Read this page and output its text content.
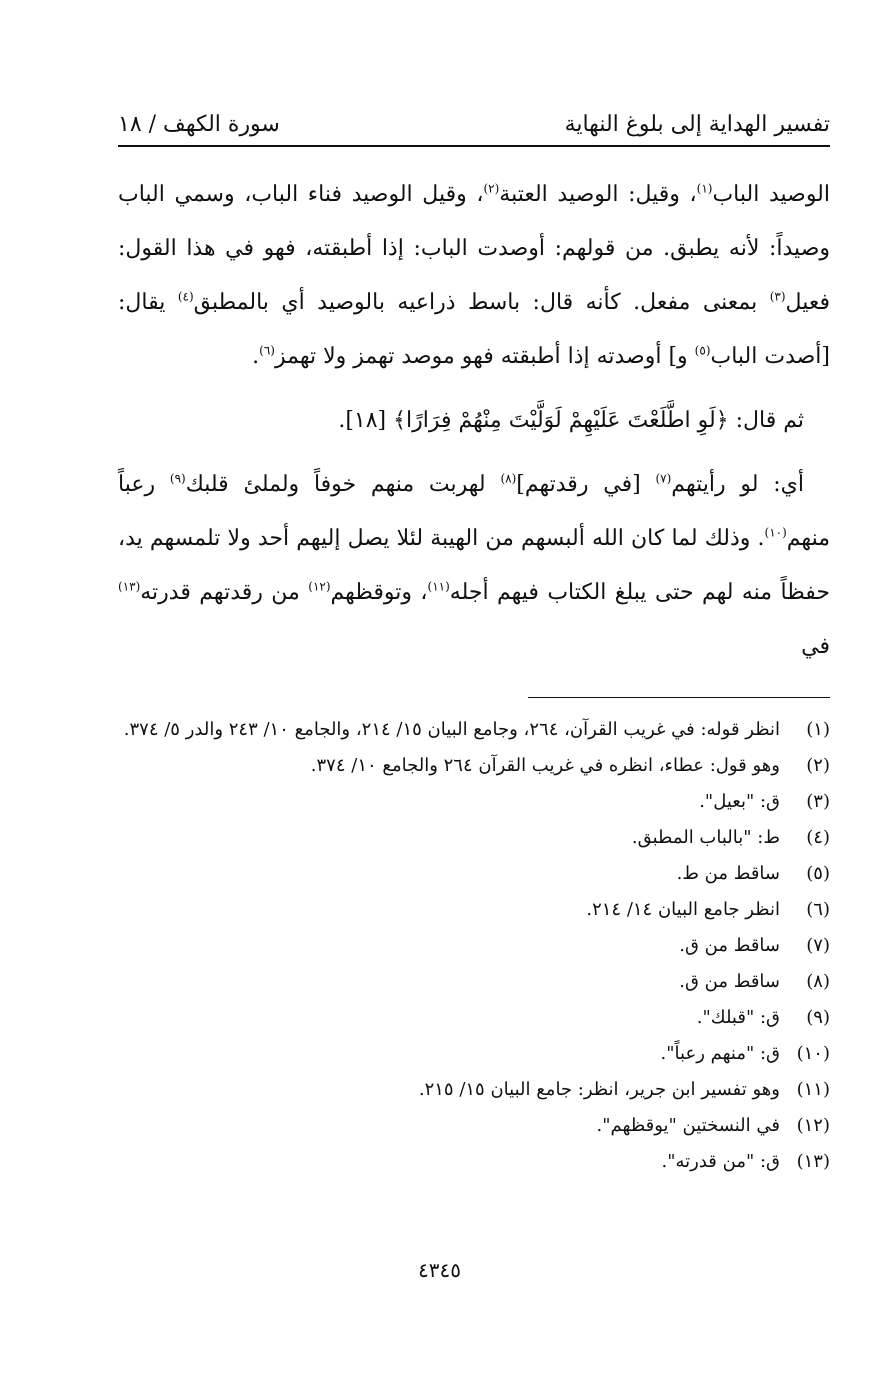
تفسير الهداية إلى بلوغ النهاية
سورة الكهف / ١٨

الوصيد الباب$^{(١)}$، وقيل: الوصيد العتبة$^{(٢)}$، وقيل الوصيد فناء الباب، وسمي الباب وصيداً: لأنه يطبق. من قولهم: أوصدت الباب: إذا أطبقته، فهو في هذا القول: فعيل$^{(٣)}$ بمعنى مفعل. كأنه قال: باسط ذراعيه بالوصيد أي بالمطبق$^{(٤)}$ يقال: [أصدت الباب$^{(٥)}$ و] أوصدته إذا أطبقته فهو موصد تهمز ولا تهمز$^{(٦)}$.

ثم قال: ﴿لَوِ اطَّلَعْتَ عَلَيْهِمْ لَوَلَّيْتَ مِنْهُمْ فِرَارًا﴾ [١٨].

أي: لو رأيتهم$^{(٧)}$ [في رقدتهم]$^{(٨)}$ لهربت منهم خوفاً ولملئ قلبك$^{(٩)}$ رعباً منهم$^{(١٠)}$. وذلك لما كان الله ألبسهم من الهيبة لئلا يصل إليهم أحد ولا تلمسهم يد، حفظاً منه لهم حتى يبلغ الكتاب فيهم أجله$^{(١١)}$، وتوقظهم$^{(١٢)}$ من رقدتهم قدرته$^{(١٣)}$ في

(١)
انظر قوله: في غريب القرآن، ٢٦٤، وجامع البيان ١٥/ ٢١٤، والجامع ١٠/ ٢٤٣ والدر ٥/ ٣٧٤.
(٢)
وهو قول: عطاء، انظره في غريب القرآن ٢٦٤ والجامع ١٠/ ٣٧٤.
(٣)
ق: "بعيل".
(٤)
ط: "بالباب المطبق.
(٥)
ساقط من ط.
(٦)
انظر جامع البيان ١٤/ ٢١٤.
(٧)
ساقط من ق.
(٨)
ساقط من ق.
(٩)
ق: "قبلك".
(١٠)
ق: "منهم رعباً".
(١١)
وهو تفسير ابن جرير، انظر: جامع البيان ١٥/ ٢١٥.
(١٢)
في النسختين "يوقظهم".
(١٣)
ق: "من قدرته".
٤٣٤٥
